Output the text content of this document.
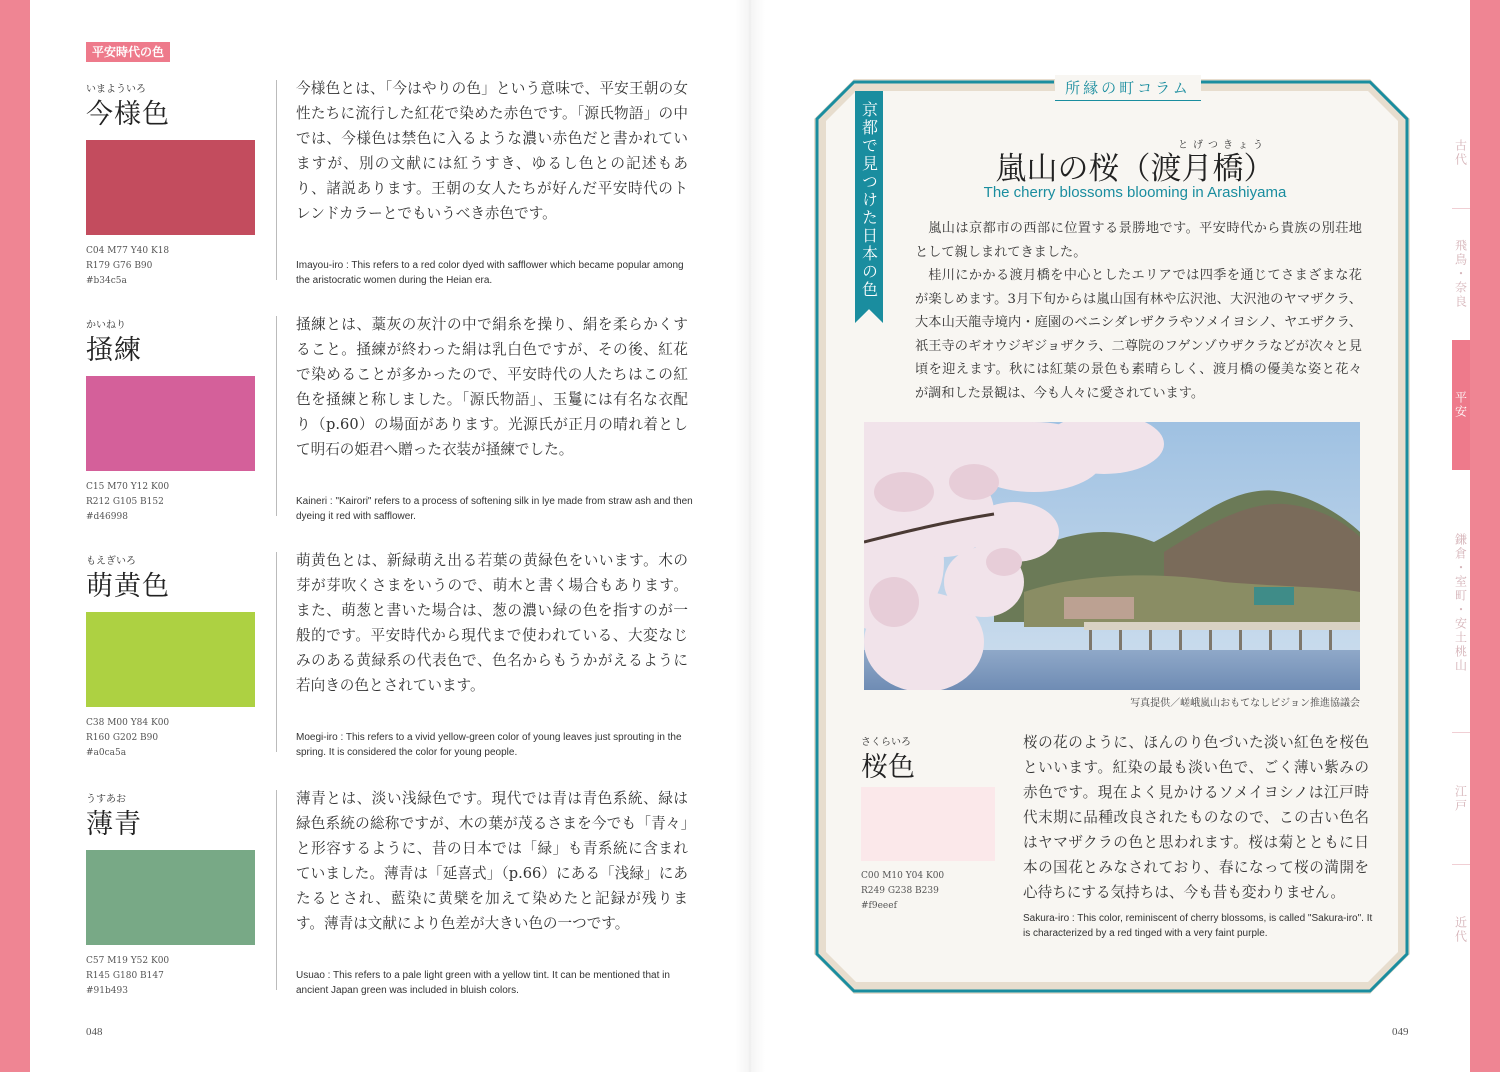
平安時代の色
いまよういろ
今様色
C04 M77 Y40 K18
R179 G76 B90
#b34c5a
今様色とは、「今はやりの色」という意味で、平安王朝の女性たちに流行した紅花で染めた赤色です。「源氏物語」の中では、今様色は禁色に入るような濃い赤色だと書かれていますが、別の文献には紅うすき、ゆるし色との記述もあり、諸説あります。王朝の女人たちが好んだ平安時代のトレンドカラーとでもいうべき赤色です。
Imayou-iro : This refers to a red color dyed with safflower which became popular among the aristocratic women during the Heian era.
かいねり
掻練
C15 M70 Y12 K00
R212 G105 B152
#d46998
掻練とは、藁灰の灰汁の中で絹糸を操り、絹を柔らかくすること。掻練が終わった絹は乳白色ですが、その後、紅花で染めることが多かったので、平安時代の人たちはこの紅色を掻練と称しました。「源氏物語」、玉鬘には有名な衣配り（p.60）の場面があります。光源氏が正月の晴れ着として明石の姫君へ贈った衣装が掻練でした。
Kaineri : "Kairori" refers to a process of softening silk in lye made from straw ash and then dyeing it red with safflower.
もえぎいろ
萌黄色
C38 M00 Y84 K00
R160 G202 B90
#a0ca5a
萌黄色とは、新緑萌え出る若葉の黄緑色をいいます。木の芽が芽吹くさまをいうので、萌木と書く場合もあります。また、萌葱と書いた場合は、葱の濃い緑の色を指すのが一般的です。平安時代から現代まで使われている、大変なじみのある黄緑系の代表色で、色名からもうかがえるように若向きの色とされています。
Moegi-iro : This refers to a vivid yellow-green color of young leaves just sprouting in the spring. It is considered the color for young people.
うすあお
薄青
C57 M19 Y52 K00
R145 G180 B147
#91b493
薄青とは、淡い浅緑色です。現代では青は青色系統、緑は緑色系統の総称ですが、木の葉が茂るさまを今でも「青々」と形容するように、昔の日本では「緑」も青系統に含まれていました。薄青は「延喜式」（p.66）にある「浅緑」にあたるとされ、藍染に黄檗を加えて染めたと記録が残ります。薄青は文献により色差が大きい色の一つです。
Usuao : This refers to a pale light green with a yellow tint. It can be mentioned that in ancient Japan green was included in bluish colors.
048
所縁の町コラム
京都で見つけた日本の色	とげつきょう
嵐山の桜（渡月橋）
The cherry blossoms blooming in Arashiyama

嵐山は京都市の西部に位置する景勝地です。平安時代から貴族の別荘地として親しまれてきました。

桂川にかかる渡月橋を中心としたエリアでは四季を通じてさまざまな花が楽しめます。3月下旬からは嵐山国有林や広沢池、大沢池のヤマザクラ、大本山天龍寺境内・庭園のベニシダレザクラやソメイヨシノ、ヤエザクラ、祇王寺のギオウジギジョザクラ、二尊院のフゲンゾウザクラなどが次々と見頃を迎えます。秋には紅葉の景色も素晴らしく、渡月橋の優美な姿と花々が調和した景観は、今も人々に愛されています。

写真提供／嵯峨嵐山おもてなしビジョン推進協議会
さくらいろ
桜色
C00 M10 Y04 K00
R249 G238 B239
#f9eeef
桜の花のように、ほんのり色づいた淡い紅色を桜色といいます。紅染の最も淡い色で、ごく薄い紫みの赤色です。現在よく見かけるソメイヨシノは江戸時代末期に品種改良されたものなので、この古い色名はヤマザクラの色と思われます。桜は菊とともに日本の国花とみなされており、春になって桜の満開を心待ちにする気持ちは、今も昔も変わりません。
Sakura-iro : This color, reminiscent of cherry blossoms, is called "Sakura-iro". It is characterized by a red tinged with a very faint purple.
049
古代
飛鳥・奈良
平安
鎌倉・室町・安土桃山
江戸
近代
